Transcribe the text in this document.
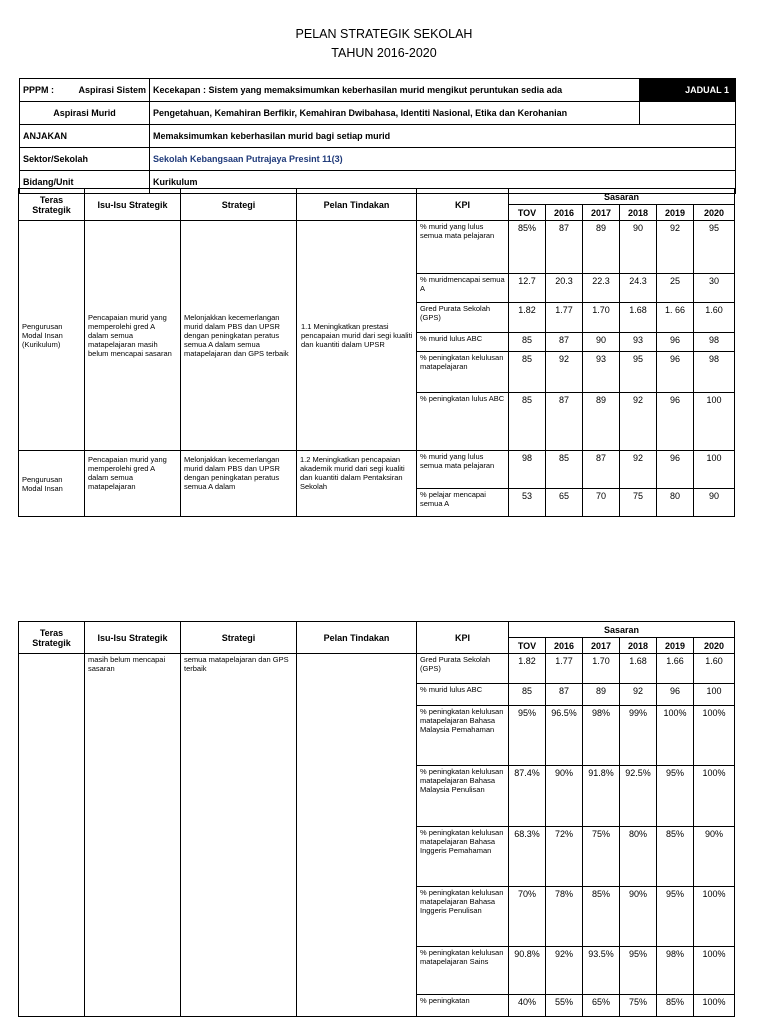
PELAN STRATEGIK SEKOLAH
TAHUN 2016-2020
PPPM : Aspirasi Sistem	Kecekapan : Sistem yang memaksimumkan keberhasilan murid mengikut peruntukan sedia ada	JADUAL 1
Aspirasi Murid	Pengetahuan, Kemahiran Berfikir, Kemahiran Dwibahasa, Identiti Nasional, Etika dan Kerohanian	
ANJAKAN	Memaksimumkan keberhasilan murid bagi setiap murid	
Sektor/Sekolah	Sekolah Kebangsaan Putrajaya Presint 11(3)	
Bidang/Unit	Kurikulum	
Teras Strategik	Isu-Isu Strategik	Strategi	Pelan Tindakan	KPI	Sasaran					
					TOV	2016	2017	2018	2019	2020
Pengurusan Modal Insan (Kurikulum)	Pencapaian murid yang memperolehi gred A dalam semua matapelajaran masih belum mencapai sasaran	Melonjakkan kecemerlangan murid dalam PBS dan UPSR dengan peningkatan peratus semua A dalam semua matapelajaran dan GPS terbaik	1.1 Meningkatkan prestasi pencapaian murid dari segi kualiti dan kuantiti dalam UPSR	% murid yang lulus semua mata pelajaran	85%	87	89	90	92	95
				% muridmencapai semua A	12.7	20.3	22.3	24.3	25	30
				Gred Purata Sekolah (GPS)	1.82	1.77	1.70	1.68	1. 66	1.60
				% murid lulus ABC	85	87	90	93	96	98
				% peningkatan kelulusan matapelajaran	85	92	93	95	96	98
				% peningkatan lulus ABC	85	87	89	92	96	100
Pengurusan Modal Insan	Pencapaian murid yang memperolehi gred A dalam semua matapelajaran	Melonjakkan kecemerlangan murid dalam PBS dan UPSR dengan peningkatan peratus semua A dalam	1.2 Meningkatkan pencapaian akademik murid dari segi kualiti dan kuantiti dalam Pentaksiran Sekolah	% murid yang lulus semua mata pelajaran	98	85	87	92	96	100
				% pelajar mencapai semua A	53	65	70	75	80	90
Teras Strategik	Isu-Isu Strategik	Strategi	Pelan Tindakan	KPI	Sasaran					
					TOV	2016	2017	2018	2019	2020
	masih belum mencapai sasaran	semua matapelajaran dan GPS terbaik		Gred Purata Sekolah (GPS)	1.82	1.77	1.70	1.68	1.66	1.60
				% murid lulus ABC	85	87	89	92	96	100
				% peningkatan kelulusan matapelajaran Bahasa Malaysia Pemahaman	95%	96.5%	98%	99%	100%	100%
				% peningkatan kelulusan matapelajaran Bahasa Malaysia Penulisan	87.4%	90%	91.8%	92.5%	95%	100%
				% peningkatan kelulusan matapelajaran Bahasa Inggeris Pemahaman	68.3%	72%	75%	80%	85%	90%
				% peningkatan kelulusan matapelajaran Bahasa Inggeris Penulisan	70%	78%	85%	90%	95%	100%
				% peningkatan kelulusan matapelajaran Sains	90.8%	92%	93.5%	95%	98%	100%
				% peningkatan	40%	55%	65%	75%	85%	100%
